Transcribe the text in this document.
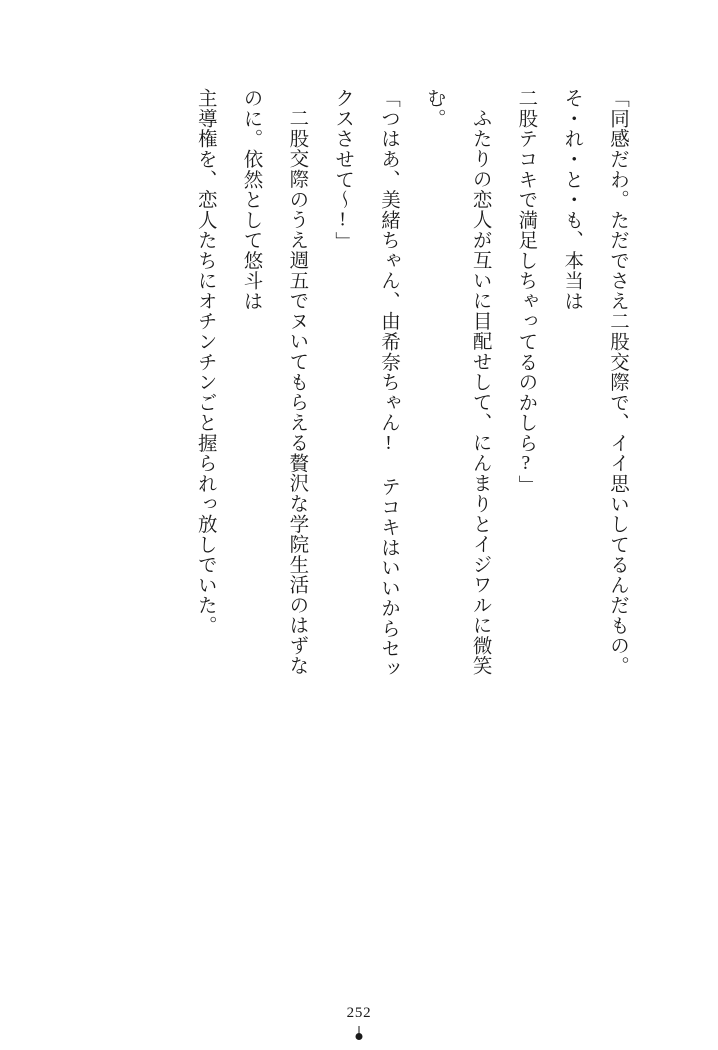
「同感だわ。ただでさえ二股交際で、イイ思いしてるんだもの。そ・れ・と・も、本当は

二股テコキで満足しちゃってるのかしら?」

ふたりの恋人が互いに目配せして、にんまりとイジワルに微笑む。

「つはあ、美緒ちゃん、由希奈ちゃん! テコキはいいからセックスさせて〜!」

二股交際のうえ週五でヌいてもらえる贅沢な学院生活のはずなのに。依然として悠斗は

主導権を、恋人たちにオチンチンごと握られっ放しでいた。

252
